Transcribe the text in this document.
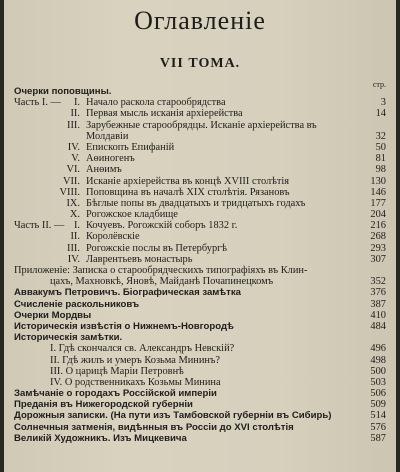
Оглавленіе
VII ТОМА.
стр.
Очерки поповщины.
Часть I. — I. Начало раскола старообрядства	3
II. Первая мысль исканія архіерейства	14
III. Зарубежные старообрядцы. Исканіе архіерейства въ
Молдавіи	32
IV. Епископъ Епифаній	50
V. Аѳиногенъ	81
VI. Анѳимъ	98
VII. Исканіе архіерейства въ концѣ XVIII столѣтія	130
VIII. Поповщина въ началѣ XIX столѣтія. Рязановъ	146
IX. Бѣглые попы въ двадцатыхъ и тридцатыхъ годахъ	177
X. Рогожское кладбище	204
Часть II. — I. Кочуевъ. Рогожскій соборъ 1832 г.	216
II. Королёвскіе	268
III. Рогожскіе послы въ Петербургѣ	293
IV. Лаврентьевъ монастырь	307
Приложеніе: Записка о старообрядческихъ типографіяхъ въ Клин-
цахъ, Махновкѣ, Яновѣ, Майданѣ Почапинецкомъ	352
Аввакумъ Петровичъ. Біографическая замѣтка	376
Счисленіе раскольниковъ	387
Очерки Мордвы	410
Историческія извѣстія о Нижнемъ-Новгородѣ	484
Историческія замѣтки.
I. Гдѣ скончался св. Александръ Невскій?	496
II. Гдѣ жилъ и умеръ Козьма Мининъ?	498
III. О царицѣ Маріи Петровнѣ	500
IV. О родственникахъ Козьмы Минина	503
Замѣчаніе о городахъ Россійской имперіи	506
Преданія въ Нижегородской губерніи	509
Дорожныя записки. (На пути изъ Тамбовской губерніи въ Сибирь)	514
Солнечныя затменія, видѣнныя въ Россіи до XVI столѣтія	576
Великій Художникъ. Изъ Мицкевича	587
